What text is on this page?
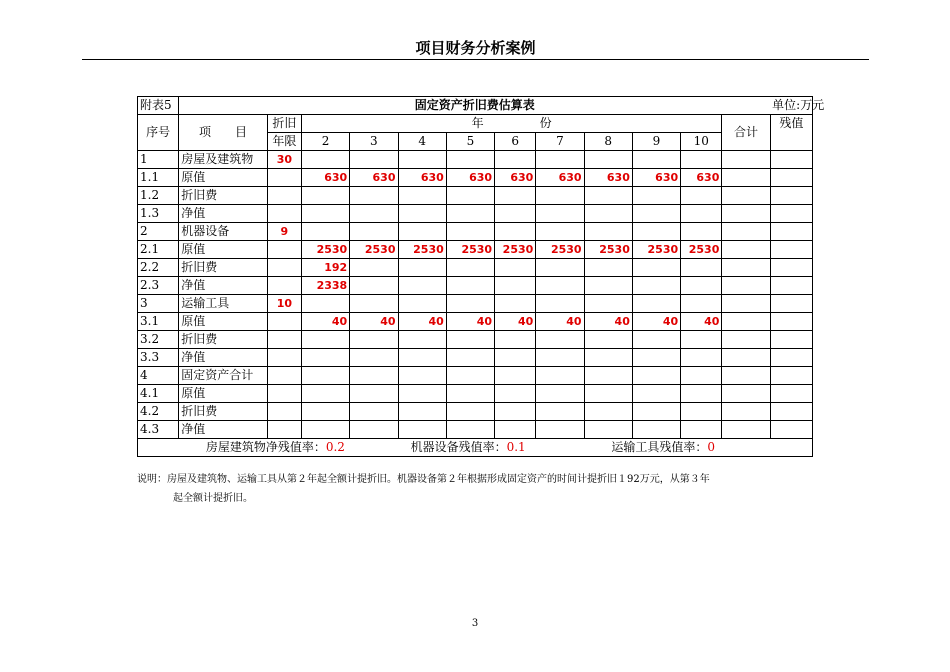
项目财务分析案例
附表5	固定资产折旧费估算表												单位:万元
序号	项　　目	折旧	年 份									合计	残值
		年限	2	3	4	5	6	7	8	9	10		
1	房屋及建筑物	30											
1.1	原值		630	630	630	630	630	630	630	630	630		
1.2	折旧费												
1.3	净值												
2	机器设备	9											
2.1	原值		2530	2530	2530	2530	2530	2530	2530	2530	2530		
2.2	折旧费		192										
2.3	净值		2338										
3	运输工具	10											
3.1	原值		40	40	40	40	40	40	40	40	40		
3.2	折旧费												
3.3	净值												
4	固定资产合计												
4.1	原值												
4.2	折旧费												
4.3	净值												
房屋建筑物净残值率：0.2 机器设备残值率：0.1 运输工具残值率：0													
说明：房屋及建筑物、运输工具从第２年起全额计提折旧。机器设备第２年根据形成固定资产的时间计提折旧１92万元，从第３年
起全额计提折旧。
3
